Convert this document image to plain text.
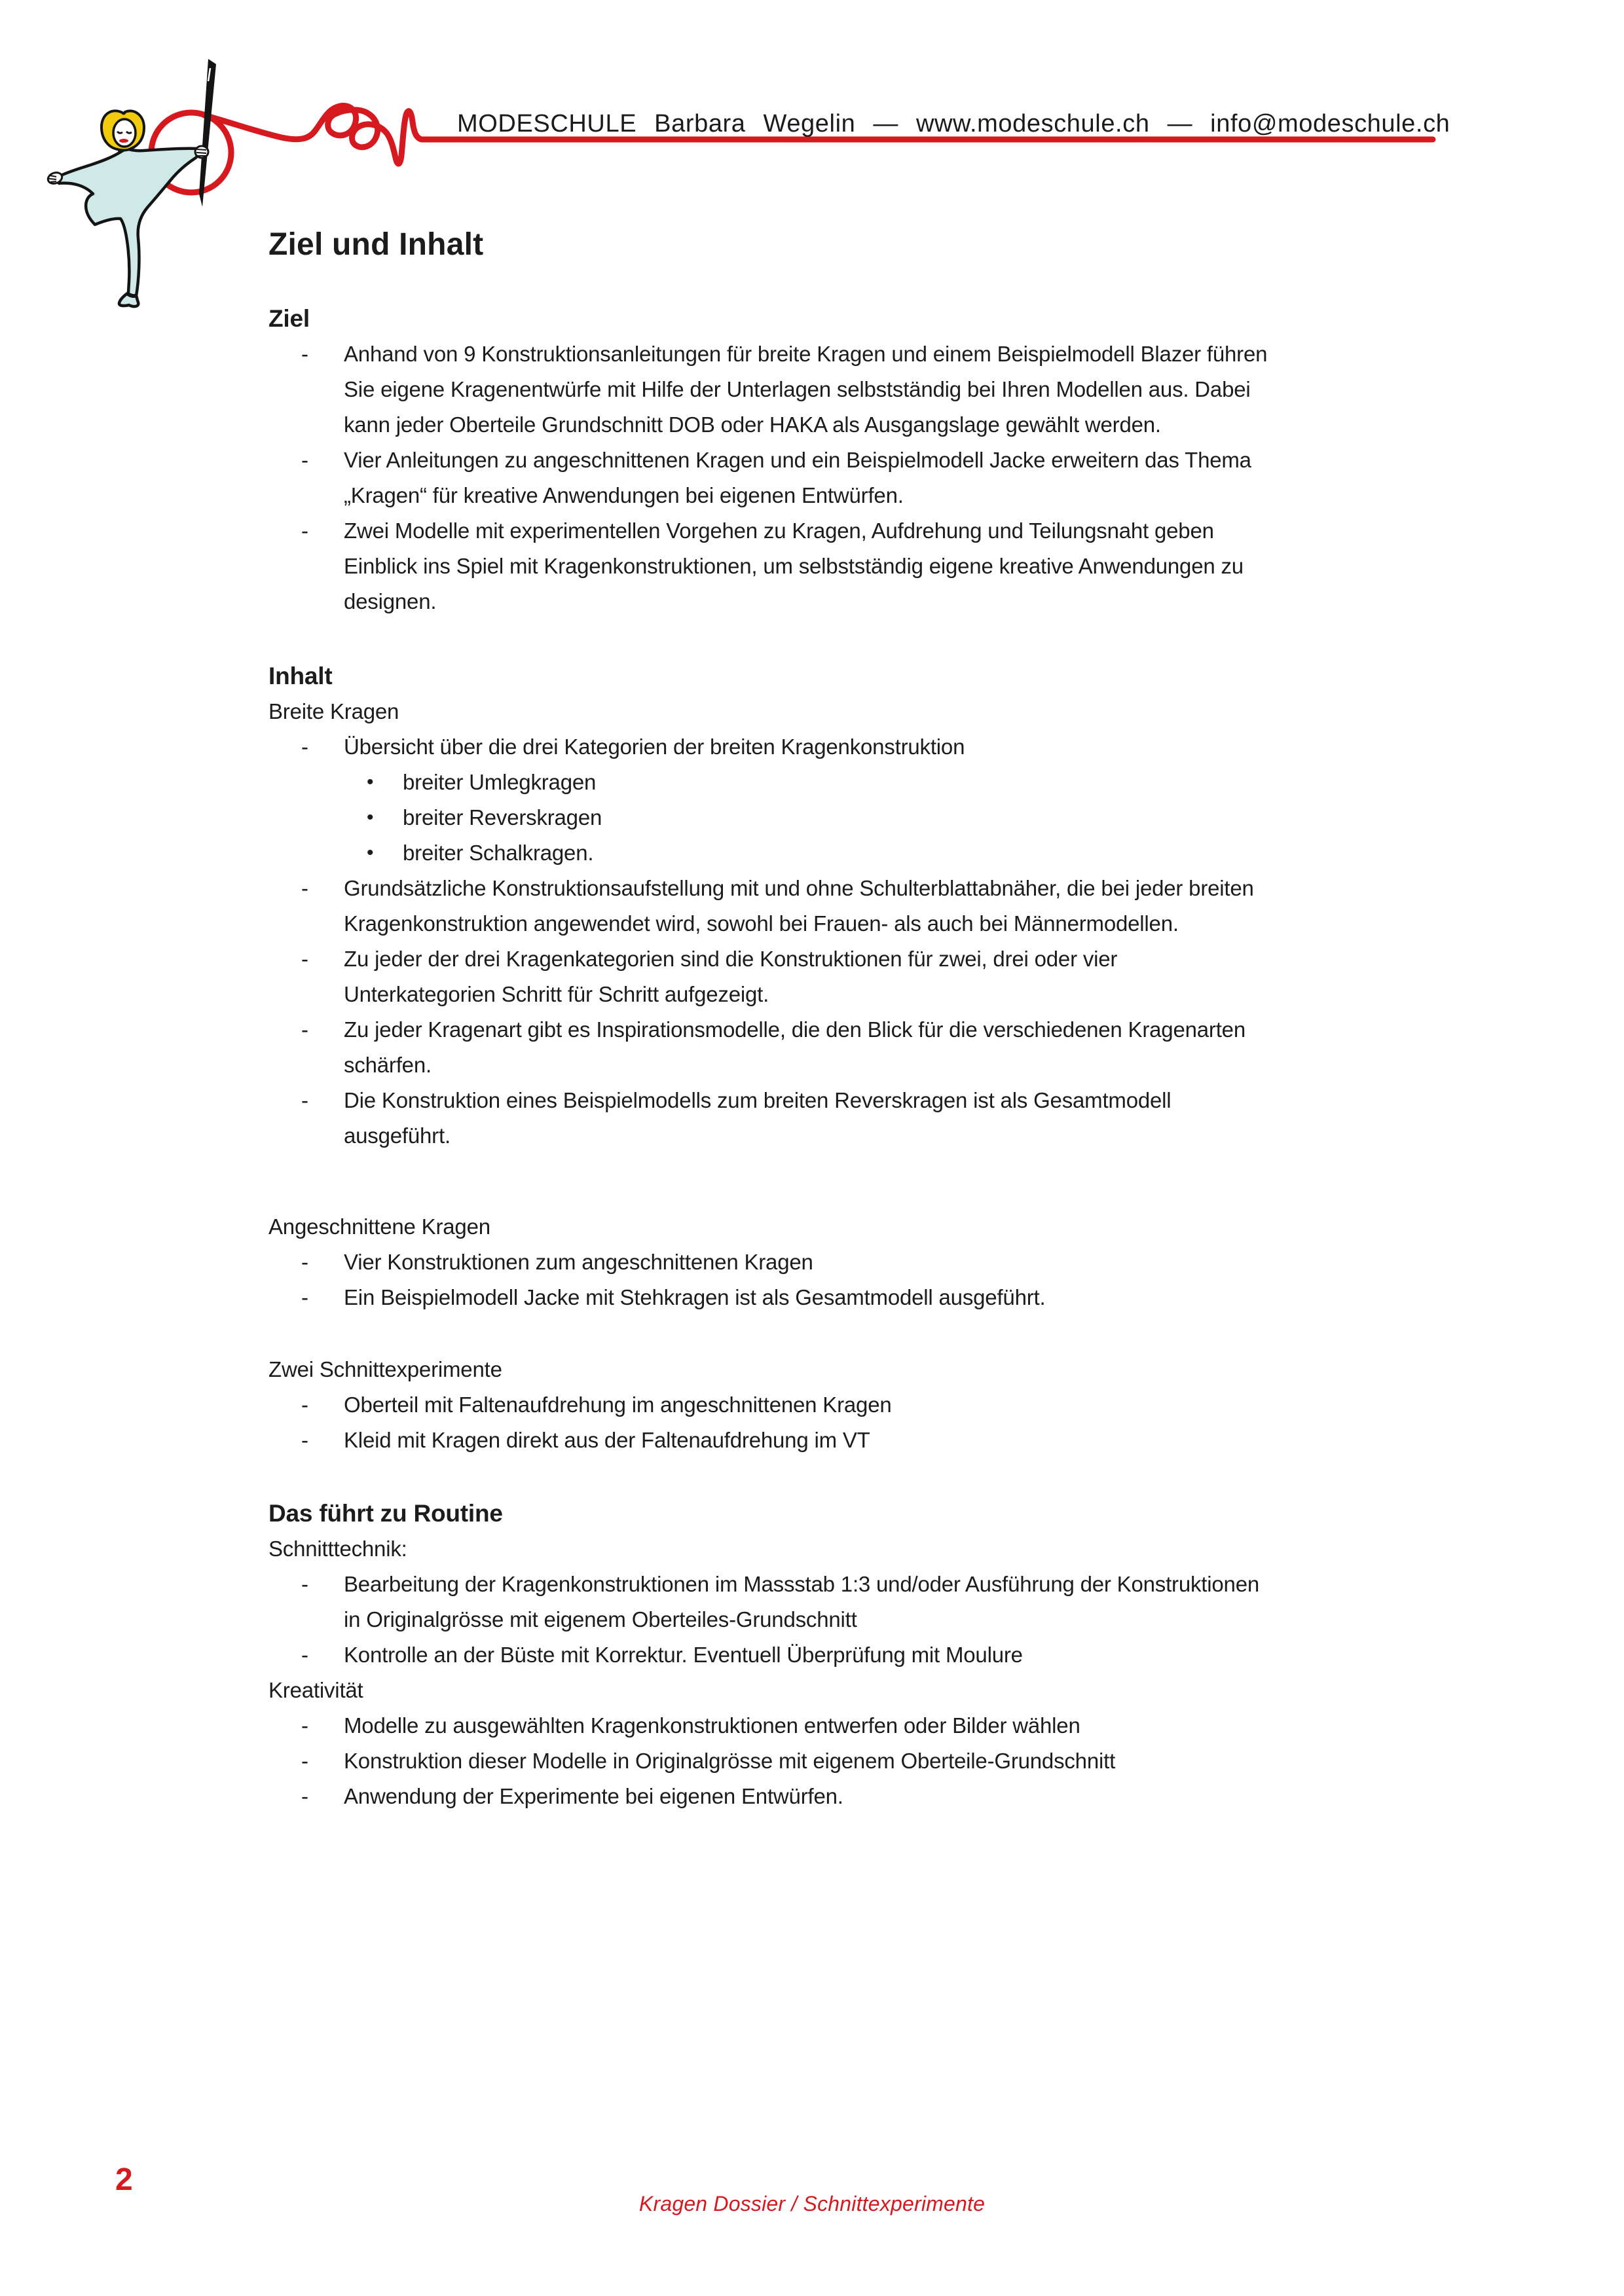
MODESCHULE Barbara Wegelin — www.modeschule.ch — info@modeschule.ch
Ziel und Inhalt
Ziel
- Anhand von 9 Konstruktionsanleitungen für breite Kragen und einem Beispielmodell Blazer führen Sie eigene Kragenentwürfe mit Hilfe der Unterlagen selbstständig bei Ihren Modellen aus. Dabei kann jeder Oberteile Grundschnitt DOB oder HAKA als Ausgangslage gewählt werden.
- Vier Anleitungen zu angeschnittenen Kragen und ein Beispielmodell Jacke erweitern das Thema „Kragen“ für kreative Anwendungen bei eigenen Entwürfen.
- Zwei Modelle mit experimentellen Vorgehen zu Kragen, Aufdrehung und Teilungsnaht geben Einblick ins Spiel mit Kragenkonstruktionen, um selbstständig eigene kreative Anwendungen zu designen.
Inhalt
Breite Kragen
- Übersicht über die drei Kategorien der breiten Kragenkonstruktion
• breiter Umlegkragen
• breiter Reverskragen
• breiter Schalkragen.
- Grundsätzliche Konstruktionsaufstellung mit und ohne Schulterblattabnäher, die bei jeder breiten Kragenkonstruktion angewendet wird, sowohl bei Frauen- als auch bei Männermodellen.
- Zu jeder der drei Kragenkategorien sind die Konstruktionen für zwei, drei oder vier Unterkategorien Schritt für Schritt aufgezeigt.
- Zu jeder Kragenart gibt es Inspirationsmodelle, die den Blick für die verschiedenen Kragenarten schärfen.
- Die Konstruktion eines Beispielmodells zum breiten Reverskragen ist als Gesamtmodell ausgeführt.
Angeschnittene Kragen
- Vier Konstruktionen zum angeschnittenen Kragen
- Ein Beispielmodell Jacke mit Stehkragen ist als Gesamtmodell ausgeführt.
Zwei Schnittexperimente
- Oberteil mit Faltenaufdrehung im angeschnittenen Kragen
- Kleid mit Kragen direkt aus der Faltenaufdrehung im VT
Das führt zu Routine
Schnitttechnik:
- Bearbeitung der Kragenkonstruktionen im Massstab 1:3 und/oder Ausführung der Konstruktionen in Originalgrösse mit eigenem Oberteiles-Grundschnitt
- Kontrolle an der Büste mit Korrektur. Eventuell Überprüfung mit Moulure
Kreativität
- Modelle zu ausgewählten Kragenkonstruktionen entwerfen oder Bilder wählen
- Konstruktion dieser Modelle in Originalgrösse mit eigenem Oberteile-Grundschnitt
- Anwendung der Experimente bei eigenen Entwürfen.
2
Kragen Dossier / Schnittexperimente
